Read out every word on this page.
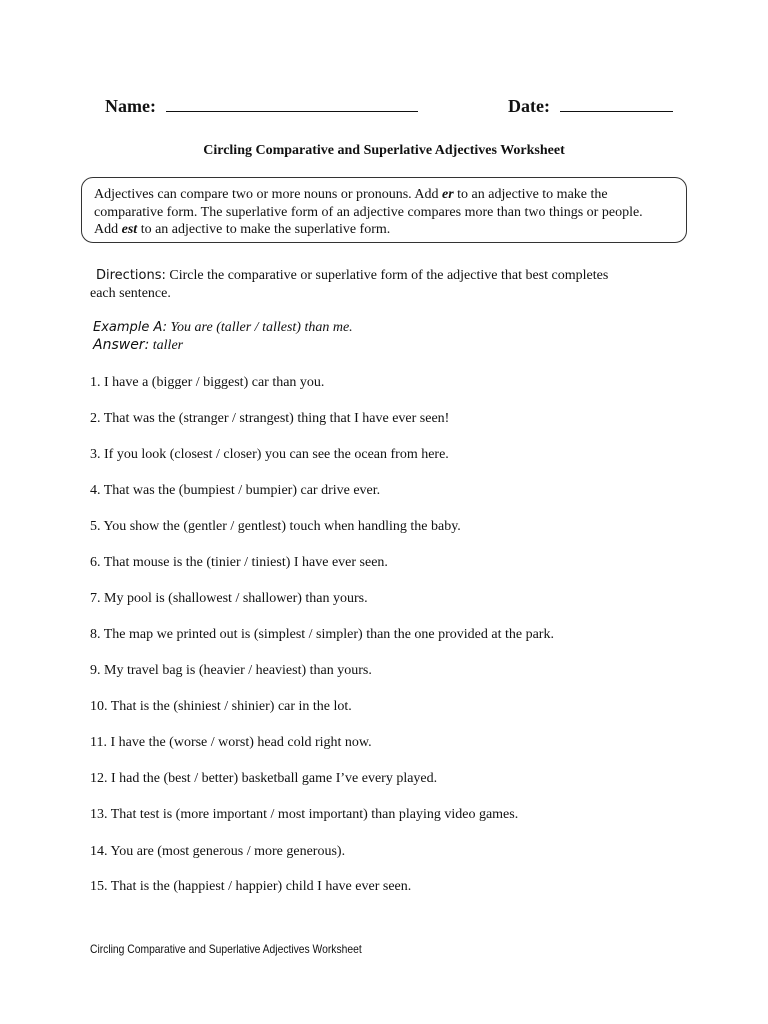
Name:	Date:
Circling Comparative and Superlative Adjectives Worksheet
Adjectives can compare two or more nouns or pronouns. Add er to an adjective to make the
comparative form. The superlative form of an adjective compares more than two things or people.
Add est to an adjective to make the superlative form.
Directions: Circle the comparative or superlative form of the adjective that best completes
each sentence.
Example A: You are (taller / tallest) than me.
Answer: taller
1. I have a (bigger / biggest) car than you.
2. That was the (stranger / strangest) thing that I have ever seen!
3. If you look (closest / closer) you can see the ocean from here.
4. That was the (bumpiest / bumpier) car drive ever.
5. You show the (gentler / gentlest) touch when handling the baby.
6. That mouse is the (tinier / tiniest) I have ever seen.
7. My pool is (shallowest / shallower) than yours.
8. The map we printed out is (simplest / simpler) than the one provided at the park.
9. My travel bag is (heavier / heaviest) than yours.
10. That is the (shiniest / shinier) car in the lot.
11. I have the (worse / worst) head cold right now.
12. I had the (best / better) basketball game I’ve every played.
13. That test is (more important / most important) than playing video games.
14. You are (most generous / more generous).
15. That is the (happiest / happier) child I have ever seen.
Circling Comparative and Superlative Adjectives Worksheet
